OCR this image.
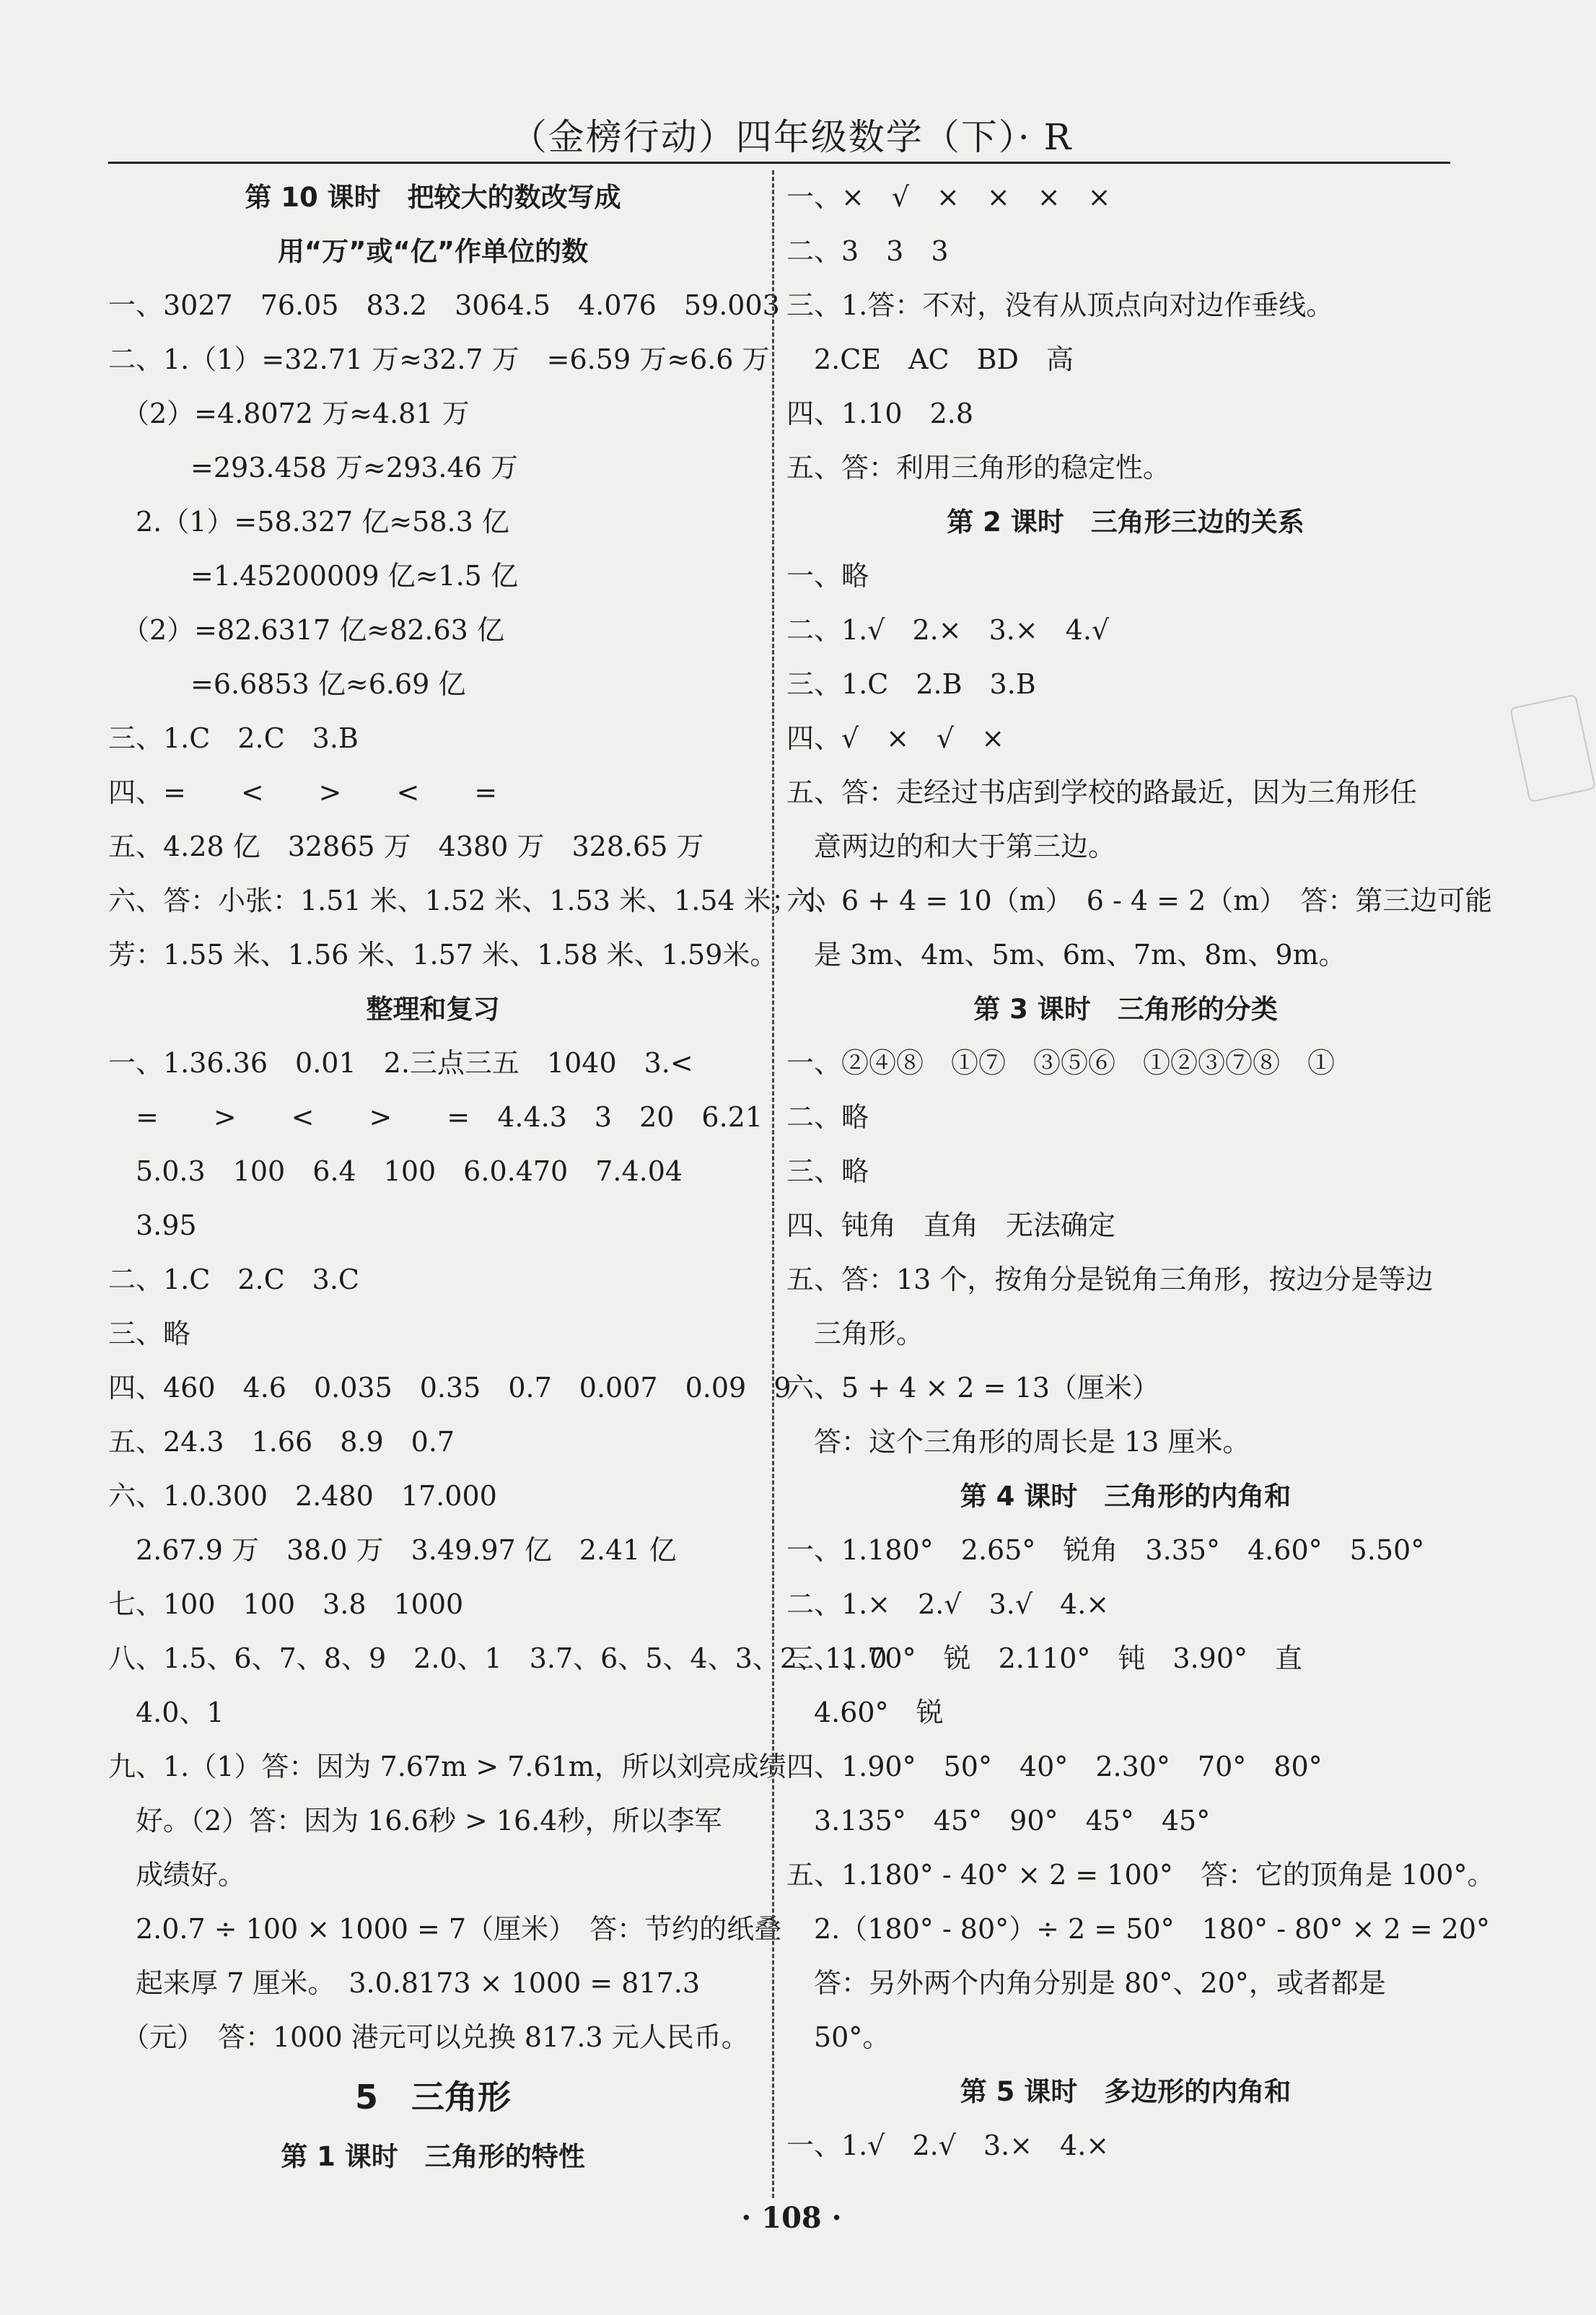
（金榜行动）四年级数学（下）· R
第 10 课时　把较大的数改写成
用“万”或“亿”作单位的数
一、3027　76.05　83.2　3064.5　4.076　59.003
二、1.（1）=32.71 万≈32.7 万　=6.59 万≈6.6 万
　（2）=4.8072 万≈4.81 万
　　　=293.458 万≈293.46 万
　2.（1）=58.327 亿≈58.3 亿
　　　=1.45200009 亿≈1.5 亿
　（2）=82.6317 亿≈82.63 亿
　　　=6.6853 亿≈6.69 亿
三、1.C　2.C　3.B
四、=　　<　　>　　<　　=
五、4.28 亿　32865 万　4380 万　328.65 万
六、答：小张：1.51 米、1.52 米、1.53 米、1.54 米；小
芳：1.55 米、1.56 米、1.57 米、1.58 米、1.59米。
整理和复习
一、1.36.36　0.01　2.三点三五　1040　3.<
　=　　>　　<　　>　　=　4.4.3　3　20　6.21
　5.0.3　100　6.4　100　6.0.470　7.4.04
　3.95
二、1.C　2.C　3.C
三、略
四、460　4.6　0.035　0.35　0.7　0.007　0.09　9
五、24.3　1.66　8.9　0.7
六、1.0.300　2.480　17.000
　2.67.9 万　38.0 万　3.49.97 亿　2.41 亿
七、100　100　3.8　1000
八、1.5、6、7、8、9　2.0、1　3.7、6、5、4、3、2、1、0
　4.0、1
九、1.（1）答：因为 7.67m > 7.61m，所以刘亮成绩
　好。（2）答：因为 16.6秒 > 16.4秒，所以李军
　成绩好。
　2.0.7 ÷ 100 × 1000 = 7（厘米）　答：节约的纸叠
　起来厚 7 厘米。　3.0.8173 × 1000 = 817.3
　（元）　答：1000 港元可以兑换 817.3 元人民币。
5　三角形
第 1 课时　三角形的特性
一、×　√　×　×　×　×
二、3　3　3
三、1.答：不对，没有从顶点向对边作垂线。
　2.CE　AC　BD　高
四、1.10　2.8
五、答：利用三角形的稳定性。
第 2 课时　三角形三边的关系
一、略
二、1.√　2.×　3.×　4.√
三、1.C　2.B　3.B
四、√　×　√　×
五、答：走经过书店到学校的路最近，因为三角形任
　意两边的和大于第三边。
六、6 + 4 = 10（m）　6 - 4 = 2（m）　答：第三边可能
　是 3m、4m、5m、6m、7m、8m、9m。
第 3 课时　三角形的分类
一、②④⑧　①⑦　③⑤⑥　①②③⑦⑧　①
二、略
三、略
四、钝角　直角　无法确定
五、答：13 个，按角分是锐角三角形，按边分是等边
　三角形。
六、5 + 4 × 2 = 13（厘米）
　答：这个三角形的周长是 13 厘米。
第 4 课时　三角形的内角和
一、1.180°　2.65°　锐角　3.35°　4.60°　5.50°
二、1.×　2.√　3.√　4.×
三、1.70°　锐　2.110°　钝　3.90°　直
　4.60°　锐
四、1.90°　50°　40°　2.30°　70°　80°
　3.135°　45°　90°　45°　45°
五、1.180° - 40° × 2 = 100°　答：它的顶角是 100°。
　2.（180° - 80°）÷ 2 = 50°　180° - 80° × 2 = 20°
　答：另外两个内角分别是 80°、20°，或者都是
　50°。
第 5 课时　多边形的内角和
一、1.√　2.√　3.×　4.×
· 108 ·
